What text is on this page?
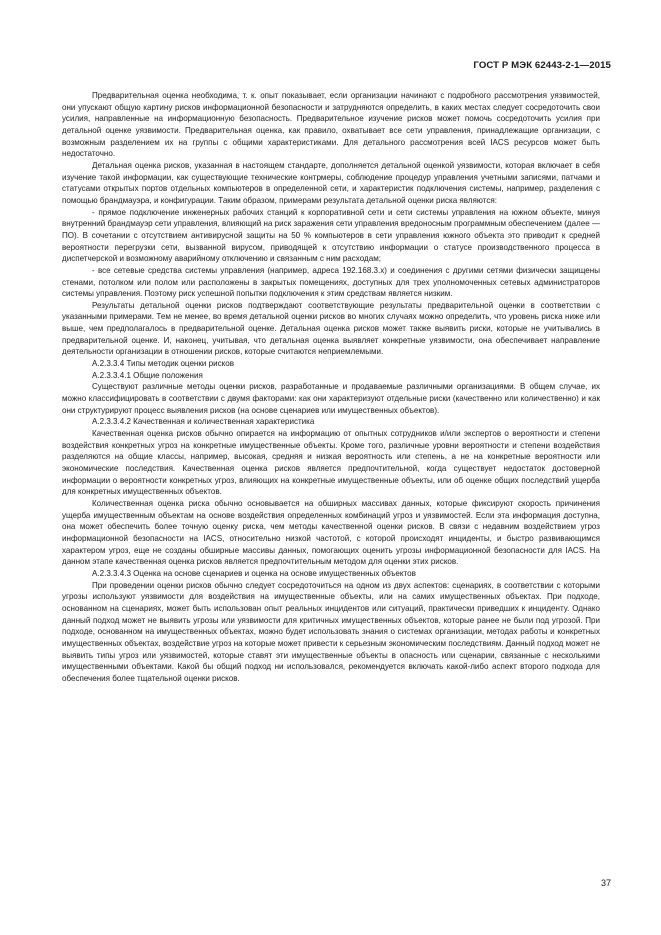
ГОСТ Р МЭК 62443-2-1—2015

Предварительная оценка необходима, т. к. опыт показывает, если организации начинают с подробного рассмотрения уязвимостей, они упускают общую картину рисков информационной безопасности и затрудняются определить, в каких местах следует сосредоточить свои усилия, направленные на информационную безопасность. Предварительное изучение рисков может помочь сосредоточить усилия при детальной оценке уязвимости. Предварительная оценка, как правило, охватывает все сети управления, принадлежащие организации, с возможным разделением их на группы с общими характеристиками. Для детального рассмотрения всей IACS ресурсов может быть недостаточно.

Детальная оценка рисков, указанная в настоящем стандарте, дополняется детальной оценкой уязвимости, которая включает в себя изучение такой информации, как существующие технические контрмеры, соблюдение процедур управления учетными записями, патчами и статусами открытых портов отдельных компьютеров в определенной сети, и характеристик подключения системы, например, разделения с помощью брандмауэра, и конфигурации. Таким образом, примерами результата детальной оценки риска являются:

- прямое подключение инженерных рабочих станций к корпоративной сети и сети системы управления на южном объекте, минуя внутренний брандмауэр сети управления, влияющий на риск заражения сети управления вредоносным программным обеспечением (далее — ПО). В сочетании с отсутствием антивирусной защиты на 50 % компьютеров в сети управления южного объекта это приводит к средней вероятности перегрузки сети, вызванной вирусом, приводящей к отсутствию информации о статусе производственного процесса в диспетчерской и возможному аварийному отключению и связанным с ним расходам;

- все сетевые средства системы управления (например, адреса 192.168.3.x) и соединения с другими сетями физически защищены стенами, потолком или полом или расположены в закрытых помещениях, доступных для трех уполномоченных сетевых администраторов системы управления. Поэтому риск успешной попытки подключения к этим средствам является низким.

Результаты детальной оценки рисков подтверждают соответствующие результаты предварительной оценки в соответствии с указанными примерами. Тем не менее, во время детальной оценки рисков во многих случаях можно определить, что уровень риска ниже или выше, чем предполагалось в предварительной оценке. Детальная оценка рисков может также выявить риски, которые не учитывались в предварительной оценке. И, наконец, учитывая, что детальная оценка выявляет конкретные уязвимости, она обеспечивает направление деятельности организации в отношении рисков, которые считаются неприемлемыми.

А.2.3.3.4 Типы методик оценки рисков

А.2.3.3.4.1 Общие положения

Существуют различные методы оценки рисков, разработанные и продаваемые различными организациями. В общем случае, их можно классифицировать в соответствии с двумя факторами: как они характеризуют отдельные риски (качественно или количественно) и как они структурируют процесс выявления рисков (на основе сценариев или имущественных объектов).

А.2.3.3.4.2 Качественная и количественная характеристика

Качественная оценка рисков обычно опирается на информацию от опытных сотрудников и/или экспертов о вероятности и степени воздействия конкретных угроз на конкретные имущественные объекты. Кроме того, различные уровни вероятности и степени воздействия разделяются на общие классы, например, высокая, средняя и низкая вероятность или степень, а не на конкретные вероятности или экономические последствия. Качественная оценка рисков является предпочтительной, когда существует недостаток достоверной информации о вероятности конкретных угроз, влияющих на конкретные имущественные объекты, или об оценке общих последствий ущерба для конкретных имущественных объектов.

Количественная оценка риска обычно основывается на обширных массивах данных, которые фиксируют скорость причинения ущерба имущественным объектам на основе воздействия определенных комбинаций угроз и уязвимостей. Если эта информация доступна, она может обеспечить более точную оценку риска, чем методы качественной оценки рисков. В связи с недавним воздействием угроз информационной безопасности на IACS, относительно низкой частотой, с которой происходят инциденты, и быстро развивающимся характером угроз, еще не созданы обширные массивы данных, помогающих оценить угрозы информационной безопасности для IACS. На данном этапе качественная оценка рисков является предпочтительным методом для оценки этих рисков.

А.2.3.3.4.3 Оценка на основе сценариев и оценка на основе имущественных объектов

При проведении оценки рисков обычно следует сосредоточиться на одном из двух аспектов: сценариях, в соответствии с которыми угрозы используют уязвимости для воздействия на имущественные объекты, или на самих имущественных объектах. При подходе, основанном на сценариях, может быть использован опыт реальных инцидентов или ситуаций, практически приведших к инциденту. Однако данный подход может не выявить угрозы или уязвимости для критичных имущественных объектов, которые ранее не были под угрозой. При подходе, основанном на имущественных объектах, можно будет использовать знания о системах организации, методах работы и конкретных имущественных объектах, воздействие угроз на которые может привести к серьезным экономическим последствиям. Данный подход может не выявить типы угроз или уязвимостей, которые ставят эти имущественные объекты в опасность или сценарии, связанные с несколькими имущественными объектами. Какой бы общий подход ни использовался, рекомендуется включать какой-либо аспект второго подхода для обеспечения более тщательной оценки рисков.

37
